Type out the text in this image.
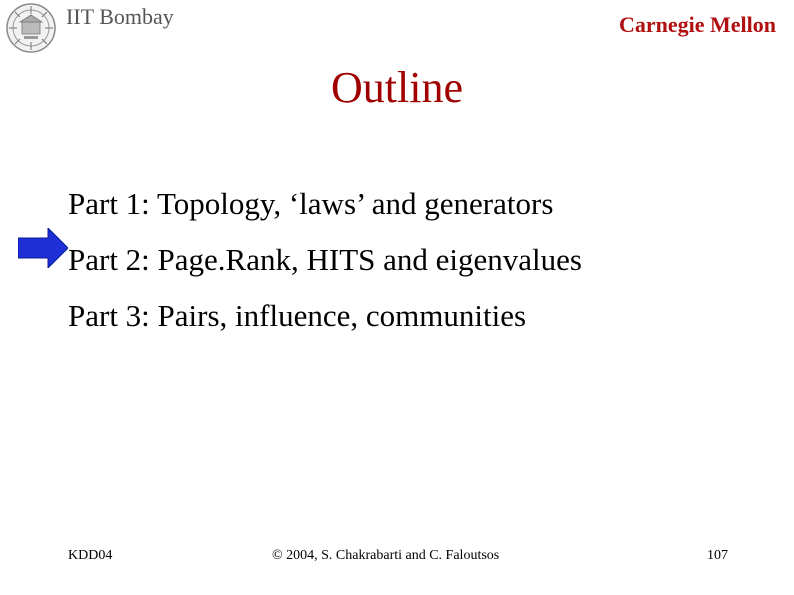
IIT Bombay	Carnegie Mellon
Outline
Part 1: Topology, ‘laws’ and generators
Part 2: Page.Rank, HITS and eigenvalues
Part 3: Pairs, influence, communities
KDD04	© 2004, S. Chakrabarti and C. Faloutsos	107
